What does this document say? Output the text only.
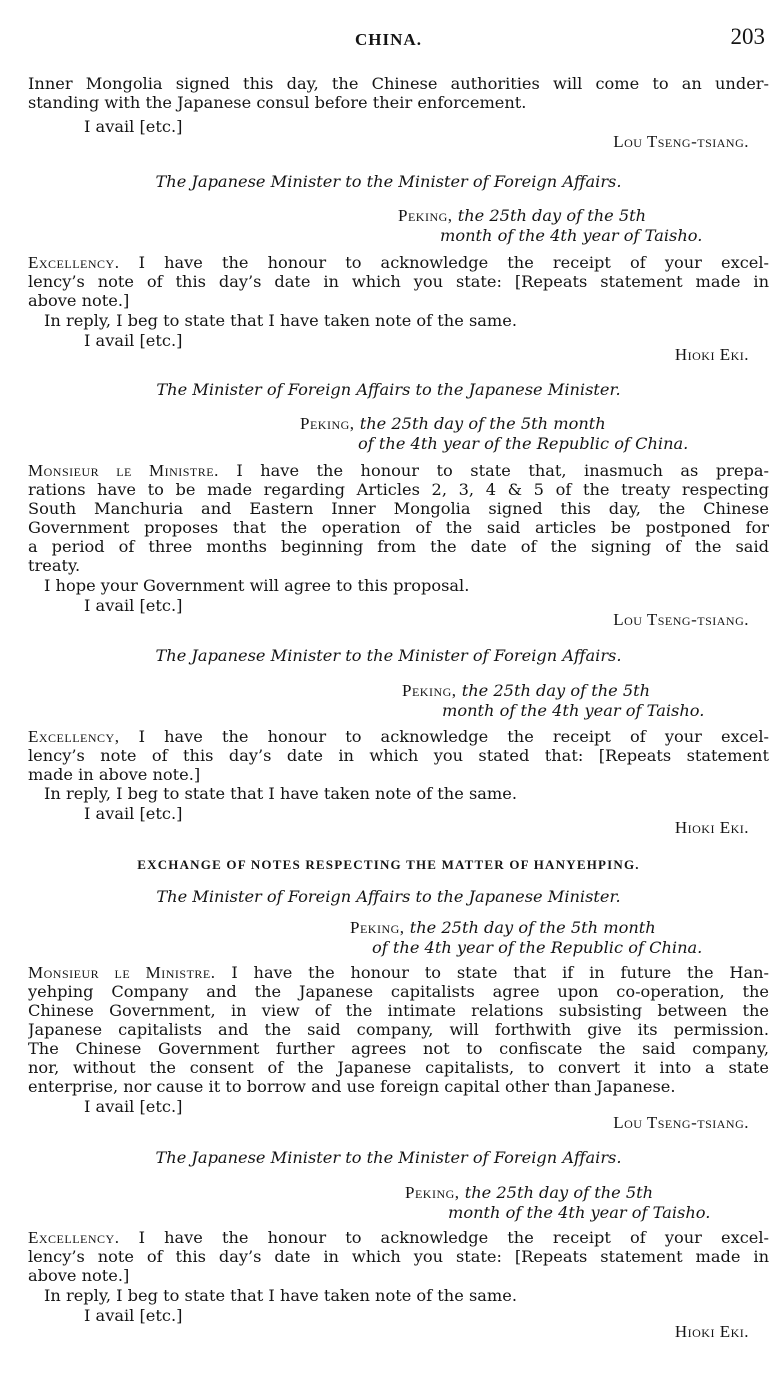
CHINA.	203
Inner Mongolia signed this day, the Chinese authorities will come to an under-
standing with the Japanese consul before their enforcement.
I avail [etc.]
Lou Tseng-tsiang.
The Japanese Minister to the Minister of Foreign Affairs.
Peking, the 25th day of the 5th
month of the 4th year of Taisho.
Excellency. I have the honour to acknowledge the receipt of your excel-
lency’s note of this day’s date in which you state: [Repeats statement made in
above note.]
In reply, I beg to state that I have taken note of the same.
I avail [etc.]
Hioki Eki.
The Minister of Foreign Affairs to the Japanese Minister.
Peking, the 25th day of the 5th month
of the 4th year of the Republic of China.
Monsieur le Ministre. I have the honour to state that, inasmuch as prepa-
rations have to be made regarding Articles 2, 3, 4 & 5 of the treaty respecting
South Manchuria and Eastern Inner Mongolia signed this day, the Chinese
Government proposes that the operation of the said articles be postponed for
a period of three months beginning from the date of the signing of the said
treaty.
I hope your Government will agree to this proposal.
I avail [etc.]
Lou Tseng-tsiang.
The Japanese Minister to the Minister of Foreign Affairs.
Peking, the 25th day of the 5th
month of the 4th year of Taisho.
Excellency, I have the honour to acknowledge the receipt of your excel-
lency’s note of this day’s date in which you stated that: [Repeats statement
made in above note.]
In reply, I beg to state that I have taken note of the same.
I avail [etc.]
Hioki Eki.
EXCHANGE OF NOTES RESPECTING THE MATTER OF HANYEHPING.
The Minister of Foreign Affairs to the Japanese Minister.
Peking, the 25th day of the 5th month
of the 4th year of the Republic of China.
Monsieur le Ministre. I have the honour to state that if in future the Han-
yehping Company and the Japanese capitalists agree upon co-operation, the
Chinese Government, in view of the intimate relations subsisting between the
Japanese capitalists and the said company, will forthwith give its permission.
The Chinese Government further agrees not to confiscate the said company,
nor, without the consent of the Japanese capitalists, to convert it into a state
enterprise, nor cause it to borrow and use foreign capital other than Japanese.
I avail [etc.]
Lou Tseng-tsiang.
The Japanese Minister to the Minister of Foreign Affairs.
Peking, the 25th day of the 5th
month of the 4th year of Taisho.
Excellency. I have the honour to acknowledge the receipt of your excel-
lency’s note of this day’s date in which you state: [Repeats statement made in
above note.]
In reply, I beg to state that I have taken note of the same.
I avail [etc.]
Hioki Eki.
